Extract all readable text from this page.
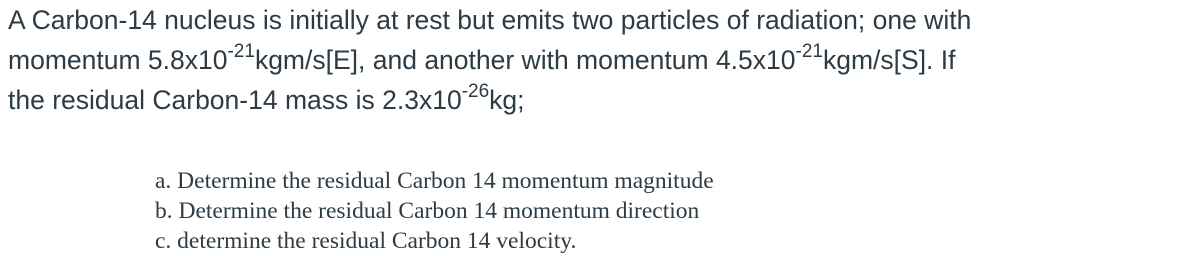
A Carbon-14 nucleus is initially at rest but emits two particles of radiation; one with
momentum $5.8x10^{-21}kgm/s[E]$, and another with momentum $4.5x10^{-21}kgm/s[S]$. If
the residual Carbon-14 mass is $2.3x10^{-26}kg$;
a. Determine the residual Carbon 14 momentum magnitude
b. Determine the residual Carbon 14 momentum direction
c. determine the residual Carbon 14 velocity.
